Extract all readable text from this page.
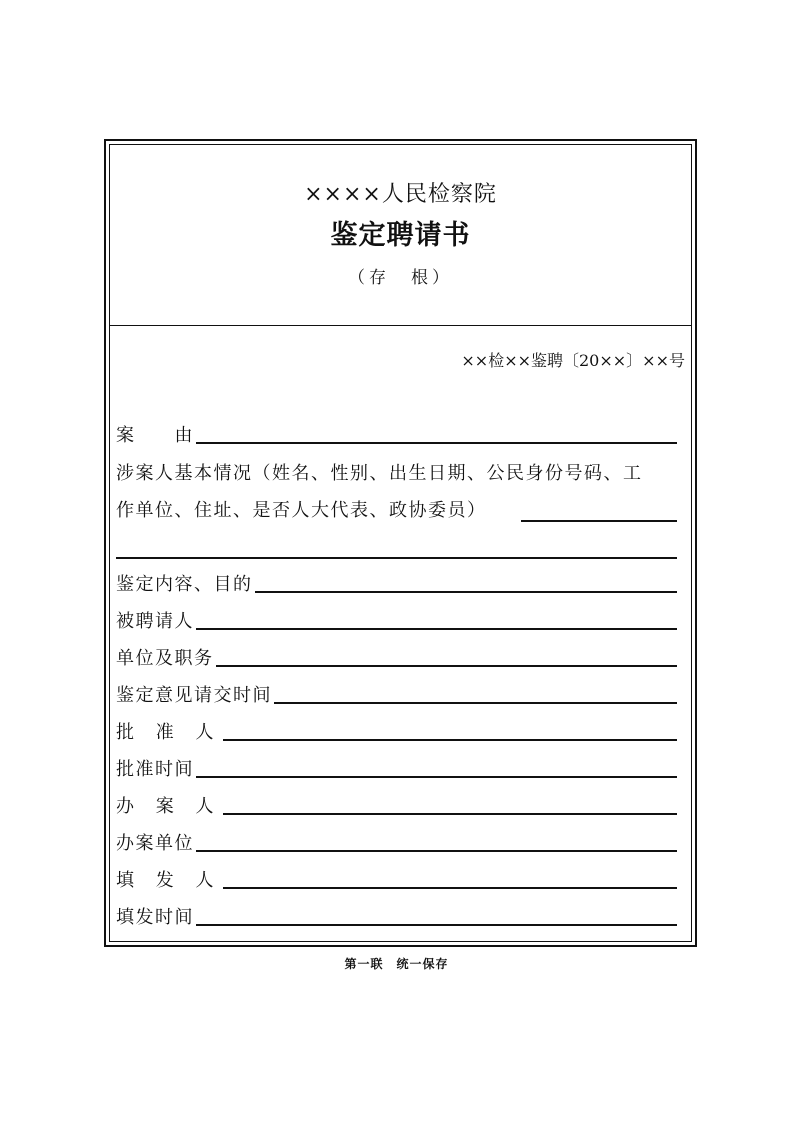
××××人民检察院
鉴定聘请书
（存　根）
××检××鉴聘〔20××〕××号
案　　由
涉案人基本情况（姓名、性别、出生日期、公民身份号码、工
作单位、住址、是否人大代表、政协委员）
鉴定内容、目的
被聘请人
单位及职务
鉴定意见请交时间
批 准 人
批准时间
办 案 人
办案单位
填 发 人
填发时间
第一联　统一保存
